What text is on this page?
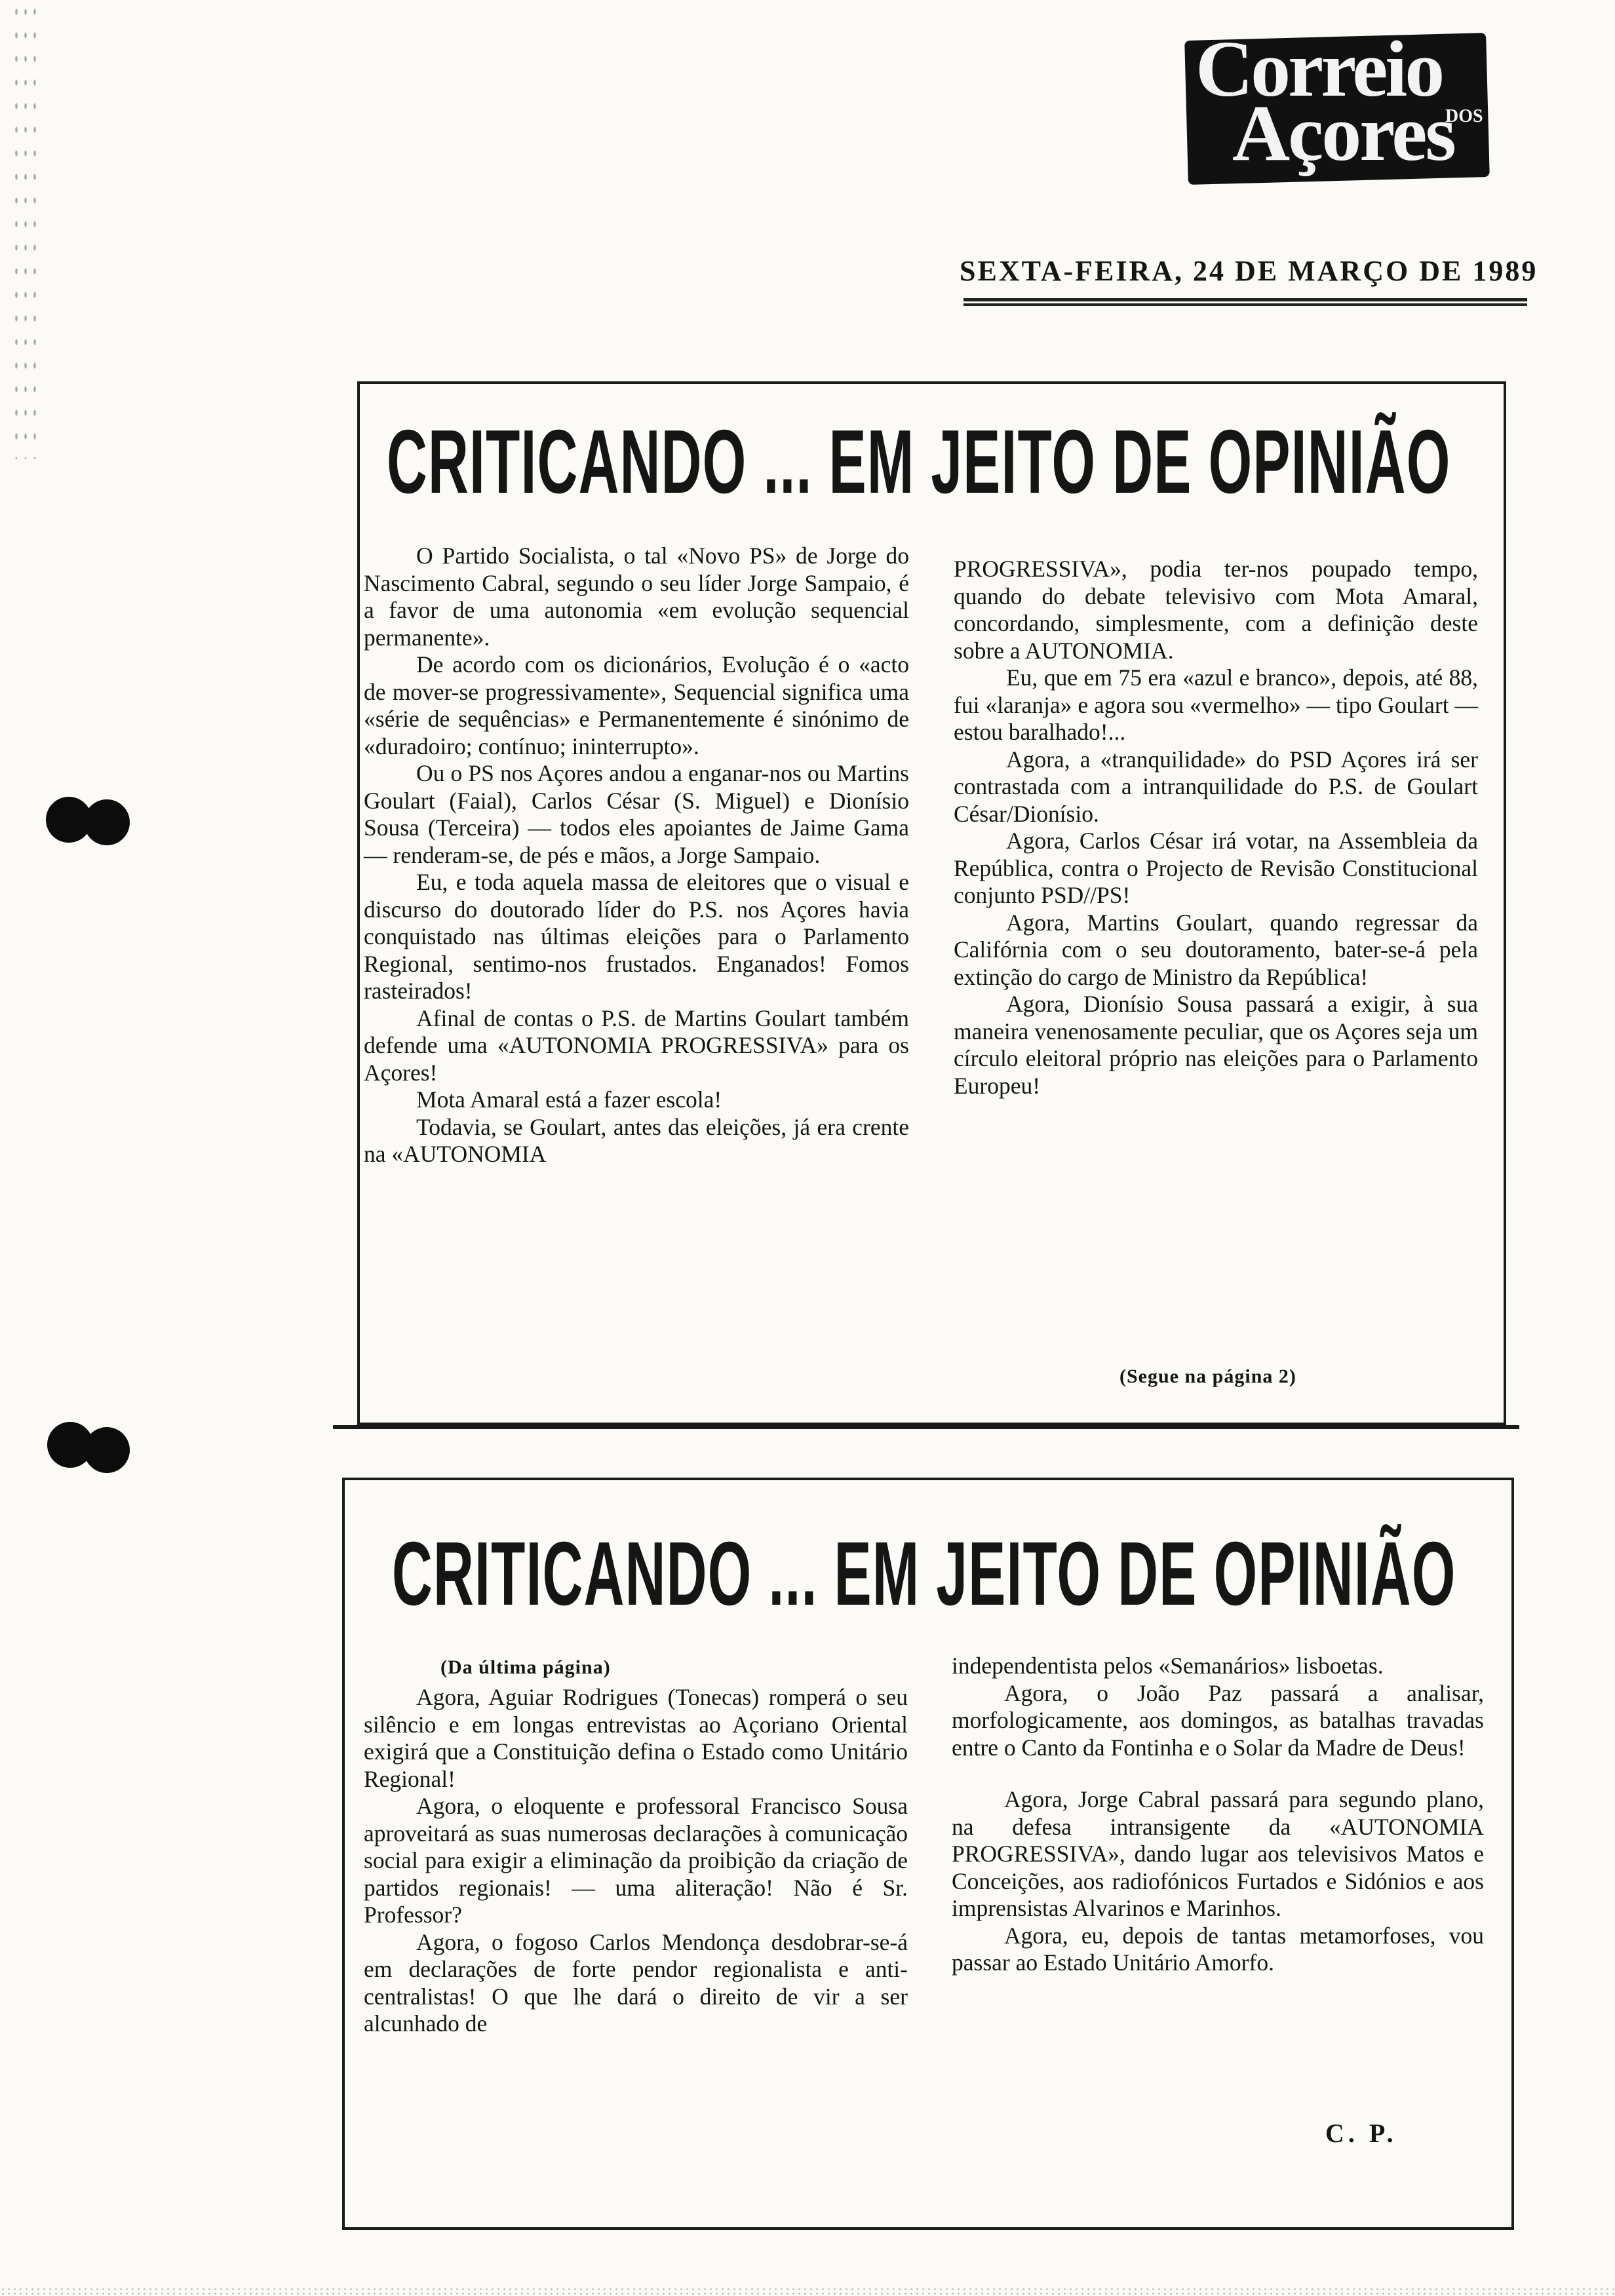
Correio
DOS
Açores
SEXTA-FEIRA, 24 DE MARÇO DE 1989
CRITICANDO ... EM JEITO DE OPINIÃO

O Partido Socialista, o tal «Novo PS» de Jorge do Nascimento Cabral, segundo o seu líder Jorge Sampaio, é a favor de uma autonomia «em evolução sequencial permanente».

De acordo com os dicionários, Evolução é o «acto de mover-se progressivamente», Sequencial significa uma «série de sequências» e Permanentemente é sinónimo de «duradoiro; contínuo; ininterrupto».

Ou o PS nos Açores andou a enganar-nos ou Martins Goulart (Faial), Carlos César (S. Miguel) e Dionísio Sousa (Terceira) — todos eles apoiantes de Jaime Gama — renderam-se, de pés e mãos, a Jorge Sampaio.

Eu, e toda aquela massa de eleitores que o visual e discurso do doutorado líder do P.S. nos Açores havia conquistado nas últimas eleições para o Parlamento Regional, sentimo-nos frustados. Enganados! Fomos rasteirados!

Afinal de contas o P.S. de Martins Goulart também defende uma «AUTONOMIA PROGRESSIVA» para os Açores!

Mota Amaral está a fazer escola!

Todavia, se Goulart, antes das eleições, já era crente na «AUTONOMIA

PROGRESSIVA», podia ter-nos poupado tempo, quando do debate televisivo com Mota Amaral, concordando, simplesmente, com a definição deste sobre a AUTONOMIA.

Eu, que em 75 era «azul e branco», depois, até 88, fui «laranja» e agora sou «vermelho» — tipo Goulart — estou baralhado!...

Agora, a «tranquilidade» do PSD Açores irá ser contrastada com a intranquilidade do P.S. de Goulart César/Dionísio.

Agora, Carlos César irá votar, na Assembleia da República, contra o Projecto de Revisão Constitucional conjunto PSD//PS!

Agora, Martins Goulart, quando regressar da Califórnia com o seu doutoramento, bater-se-á pela extinção do cargo de Ministro da República!

Agora, Dionísio Sousa passará a exigir, à sua maneira venenosamente peculiar, que os Açores seja um círculo eleitoral próprio nas eleições para o Parlamento Europeu!

(Segue na página 2)
CRITICANDO ... EM JEITO DE OPINIÃO
(Da última página)

Agora, Aguiar Rodrigues (Tonecas) romperá o seu silêncio e em longas entrevistas ao Açoriano Oriental exigirá que a Constituição defina o Estado como Unitário Regional!

Agora, o eloquente e professoral Francisco Sousa aproveitará as suas numerosas declarações à comunicação social para exigir a eliminação da proibição da criação de partidos regionais! — uma aliteração! Não é Sr. Professor?

Agora, o fogoso Carlos Mendonça desdobrar-se-á em declarações de forte pendor regionalista e anti-centralistas! O que lhe dará o direito de vir a ser alcunhado de

independentista pelos «Semanários» lisboetas.

Agora, o João Paz passará a analisar, morfologicamente, aos domingos, as batalhas travadas entre o Canto da Fontinha e o Solar da Madre de Deus!

Agora, Jorge Cabral passará para segundo plano, na defesa intransigente da «AUTONOMIA PROGRESSIVA», dando lugar aos televisivos Matos e Conceições, aos radiofónicos Furtados e Sidónios e aos imprensistas Alvarinos e Marinhos.

Agora, eu, depois de tantas metamorfoses, vou passar ao Estado Unitário Amorfo.

C. P.
